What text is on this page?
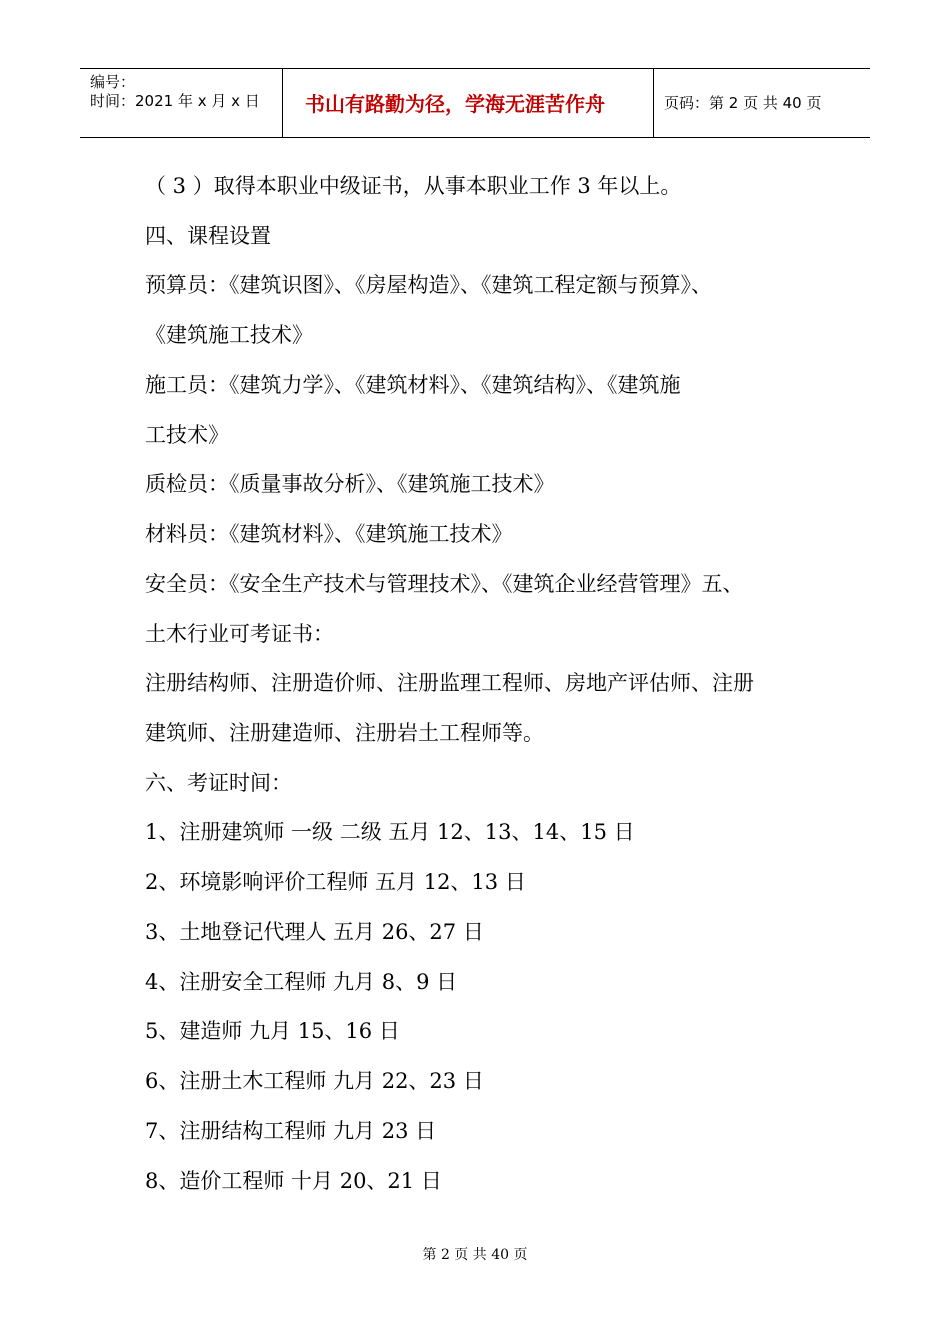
编号：
时间：2021 年 x 月 x 日 书山有路勤为径，学海无涯苦作舟	页码：第 2 页 共 40 页
（ 3 ）取得本职业中级证书，从事本职业工作 3 年以上。
四、课程设置
预算员：《建筑识图》、《房屋构造》、《建筑工程定额与预算》、
《建筑施工技术》
施工员：《建筑力学》、《建筑材料》、《建筑结构》、《建筑施
工技术》
质检员：《质量事故分析》、《建筑施工技术》
材料员：《建筑材料》、《建筑施工技术》
安全员：《安全生产技术与管理技术》、《建筑企业经营管理》五、
土木行业可考证书：
注册结构师、注册造价师、注册监理工程师、房地产评估师、注册
建筑师、注册建造师、注册岩土工程师等。
六、考证时间：
1、注册建筑师 一级 二级 五月 12、13、14、15 日
2、环境影响评价工程师 五月 12、13 日
3、土地登记代理人 五月 26、27 日
4、注册安全工程师 九月 8、9 日
5、建造师 九月 15、16 日
6、注册土木工程师 九月 22、23 日
7、注册结构工程师 九月 23 日
8、造价工程师 十月 20、21 日
第 2 页 共 40 页
